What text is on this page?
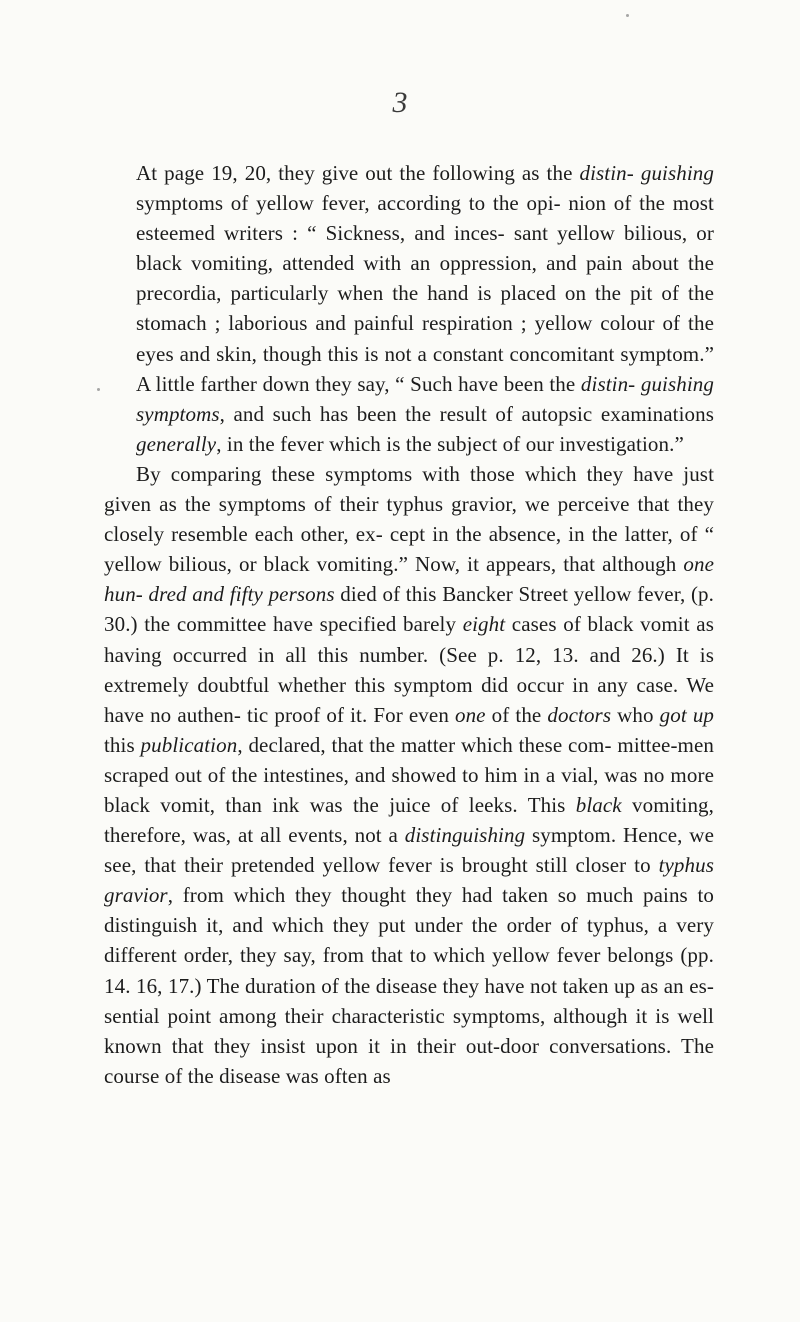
3

At page 19, 20, they give out the following as the distin- guishing symptoms of yellow fever, according to the opi- nion of the most esteemed writers : “ Sickness, and inces- sant yellow bilious, or black vomiting, attended with an oppression, and pain about the precordia, particularly when the hand is placed on the pit of the stomach ; laborious and painful respiration ; yellow colour of the eyes and skin, though this is not a constant concomitant symptom.” A little farther down they say, “ Such have been the distin- guishing symptoms, and such has been the result of autopsic examinations generally, in the fever which is the subject of our investigation.”

By comparing these symptoms with those which they have just given as the symptoms of their typhus gravior, we perceive that they closely resemble each other, ex- cept in the absence, in the latter, of “ yellow bilious, or black vomiting.” Now, it appears, that although one hun- dred and fifty persons died of this Bancker Street yellow fever, (p. 30.) the committee have specified barely eight cases of black vomit as having occurred in all this number. (See p. 12, 13. and 26.) It is extremely doubtful whether this symptom did occur in any case. We have no authen- tic proof of it. For even one of the doctors who got up this publication, declared, that the matter which these com- mittee-men scraped out of the intestines, and showed to him in a vial, was no more black vomit, than ink was the juice of leeks. This black vomiting, therefore, was, at all events, not a distinguishing symptom. Hence, we see, that their pretended yellow fever is brought still closer to typhus gravior, from which they thought they had taken so much pains to distinguish it, and which they put under the order of typhus, a very different order, they say, from that to which yellow fever belongs (pp. 14. 16, 17.) The duration of the disease they have not taken up as an es- sential point among their characteristic symptoms, although it is well known that they insist upon it in their out-door conversations. The course of the disease was often as
